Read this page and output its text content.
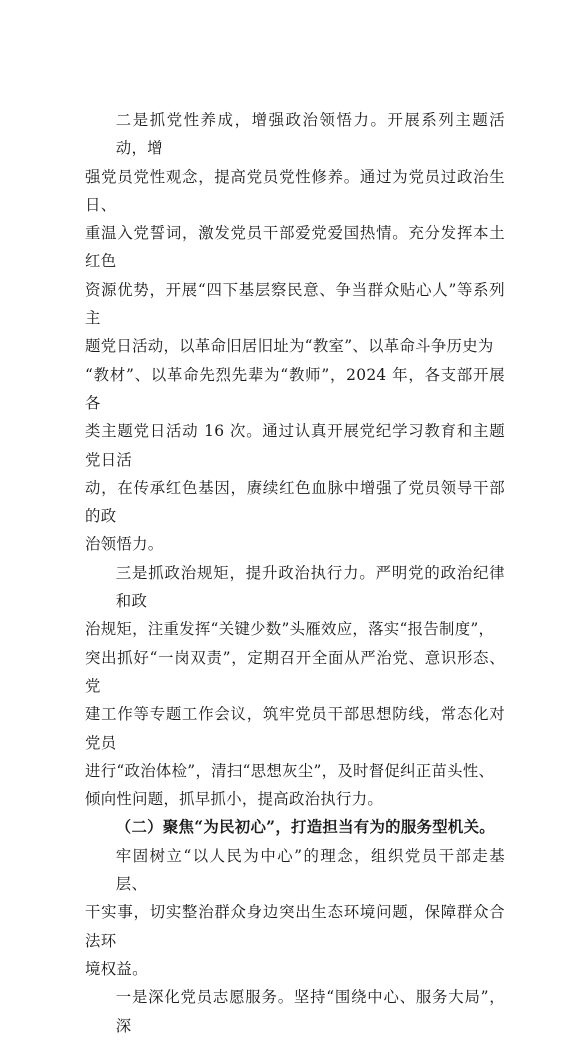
二是抓党性养成，增强政治领悟力。开展系列主题活动，增
强党员党性观念，提高党员党性修养。通过为党员过政治生日、
重温入党誓词，激发党员干部爱党爱国热情。充分发挥本土红色
资源优势，开展“四下基层察民意、争当群众贴心人”等系列主
题党日活动，以革命旧居旧址为“教室”、以革命斗争历史为
“教材”、以革命先烈先辈为“教师”，2024 年，各支部开展各
类主题党日活动 16 次。通过认真开展党纪学习教育和主题党日活
动，在传承红色基因，赓续红色血脉中增强了党员领导干部的政
治领悟力。

三是抓政治规矩，提升政治执行力。严明党的政治纪律和政
治规矩，注重发挥“关键少数”头雁效应，落实“报告制度”，
突出抓好“一岗双责”，定期召开全面从严治党、意识形态、党
建工作等专题工作会议，筑牢党员干部思想防线，常态化对党员
进行“政治体检”，清扫“思想灰尘”，及时督促纠正苗头性、
倾向性问题，抓早抓小，提高政治执行力。

（二）聚焦“为民初心”，打造担当有为的服务型机关。

牢固树立“以人民为中心”的理念，组织党员干部走基层、
干实事，切实整治群众身边突出生态环境问题，保障群众合法环
境权益。

一是深化党员志愿服务。坚持“围绕中心、服务大局”，深
